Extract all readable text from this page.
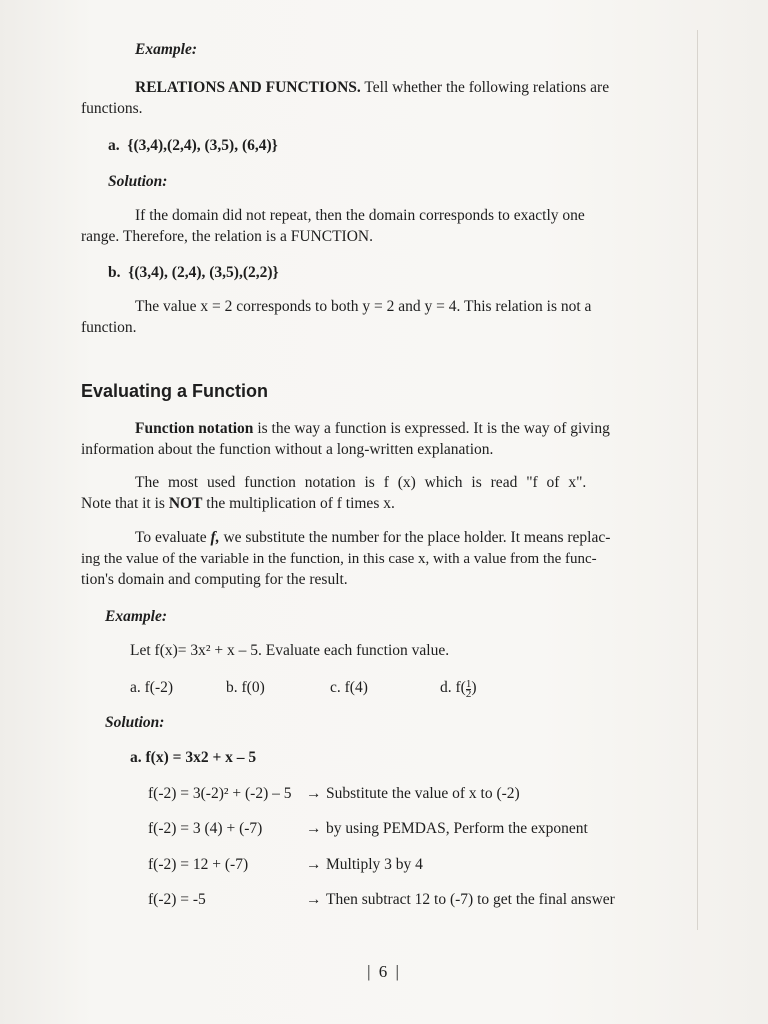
Example:
RELATIONS AND FUNCTIONS. Tell whether the following relations are
functions.
a. {(3,4),(2,4), (3,5), (6,4)}
Solution:
If the domain did not repeat, then the domain corresponds to exactly one
range. Therefore, the relation is a FUNCTION.
b. {(3,4), (2,4), (3,5),(2,2)}
The value x = 2 corresponds to both y = 2 and y = 4. This relation is not a
function.
Evaluating a Function
Function notation is the way a function is expressed. It is the way of giving
information about the function without a long-written explanation.
The most used function notation is f (x) which is read "f of x".
Note that it is NOT the multiplication of f times x.
To evaluate f, we substitute the number for the place holder. It means replac-
ing the value of the variable in the function, in this case x, with a value from the func-
tion's domain and computing for the result.
Example:
Let f(x)= 3x² + x – 5. Evaluate each function value.
a. f(-2)	b. f(0)	c. f(4)	d. $f( \frac{1}{2}$ )
Solution:
a. f(x) = 3x2 + x – 5
f(-2) = 3(-2)² + (-2) – 5 → Substitute the value of x to (-2)
f(-2) = 3 (4) + (-7)	→ by using PEMDAS, Perform the exponent
f(-2) = 12 + (-7)	→ Multiply 3 by 4
f(-2) = -5	→ Then subtract 12 to (-7) to get the final answer
| 6 |
